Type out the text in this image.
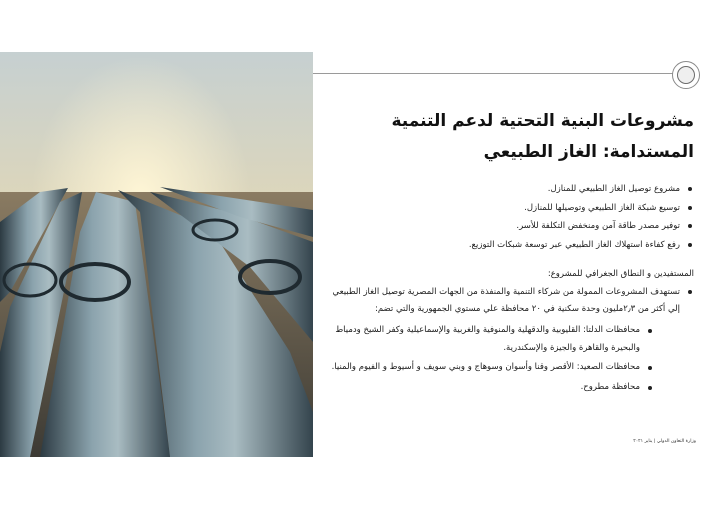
مشروعات البنية التحتية لدعم التنمية
المستدامة: الغاز الطبيعي
مشروع توصيل الغاز الطبيعي للمنازل.
توسيع شبكة الغاز الطبيعي وتوصيلها للمنازل.
توفير مصدر طاقة آمن ومنخفض التكلفة للأسر.
رفع كفاءة استهلاك الغاز الطبيعي عبر توسعة شبكات التوزيع.
المستفيدين و النطاق الجغرافي للمشروع:
تستهدف المشروعات الممولة من شركاء التنمية والمنفذة من الجهات المصرية توصيل الغاز الطبيعي إلي أكثر من ٢٫٣مليون وحدة سكنية في ٢٠ محافظة علي مستوي الجمهورية والتي تضم:
محافظات الدلتا: القليوبية والدقهلية والمنوفية والغربية والإسماعيلية وكفر الشيخ ودمياط والبحيرة والقاهرة والجيزة والإسكندرية.
محافظات الصعيد: الأقصر وقنا وأسوان وسوهاج و وبني سويف و أسيوط و الفيوم والمنيا.
محافظة مطروح.
وزارة التعاون الدولي | يناير ٢٠٢١
